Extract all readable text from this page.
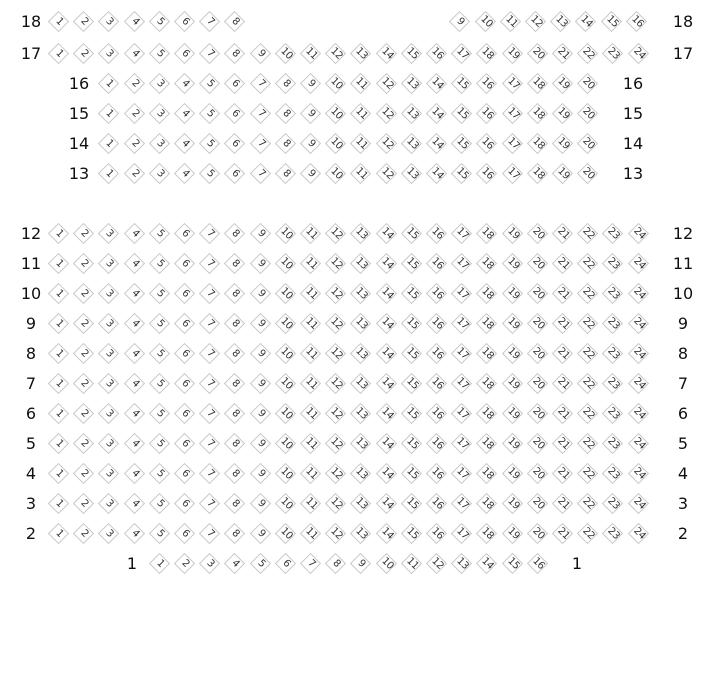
18	1	2	3	4	5	6	7	8	9	10 11 12 13 14 15 16	18
17	1	2	3	4	5	6	7	8	9	10 11 12 13 14 15 16 17 18 19 20 21 22 23 24	17
16	1	2	3	4	5	6	7	8	9	10 11 12 13 14 15 16 17 18 19 20	16
15	1	2	3	4	5	6	7	8	9	10 11 12 13 14 15 16 17 18 19 20	15
14	1	2	3	4	5	6	7	8	9	10 11 12 13 14 15 16 17 18 19 20	14
13	1	2	3	4	5	6	7	8	9	10 11 12 13 14 15 16 17 18 19 20	13
12	1	2	3	4	5	6	7	8	9	10 11 12 13 14 15 16 17 18 19 20 21 22 23 24	12
11	1	2	3	4	5	6	7	8	9	10 11 12 13 14 15 16 17 18 19 20 21 22 23 24	11
10	1	2	3	4	5	6	7	8	9	10 11 12 13 14 15 16 17 18 19 20 21 22 23 24	10
9	1	2	3	4	5	6	7	8	9	10 11 12 13 14 15 16 17 18 19 20 21 22 23 24	9
8	1	2	3	4	5	6	7	8	9	10 11 12 13 14 15 16 17 18 19 20 21 22 23 24	8
7	1	2	3	4	5	6	7	8	9	10 11 12 13 14 15 16 17 18 19 20 21 22 23 24	7
6	1	2	3	4	5	6	7	8	9	10 11 12 13 14 15 16 17 18 19 20 21 22 23 24	6
5	1	2	3	4	5	6	7	8	9	10 11 12 13 14 15 16 17 18 19 20 21 22 23 24	5
4	1	2	3	4	5	6	7	8	9	10 11 12 13 14 15 16 17 18 19 20 21 22 23 24	4
3	1	2	3	4	5	6	7	8	9	10 11 12 13 14 15 16 17 18 19 20 21 22 23 24	3
2	1	2	3	4	5	6	7	8	9	10 11 12 13 14 15 16 17 18 19 20 21 22 23 24	2
1	1	2	3	4	5	6	7	8	9	10 11 12 13 14 15 16	1
